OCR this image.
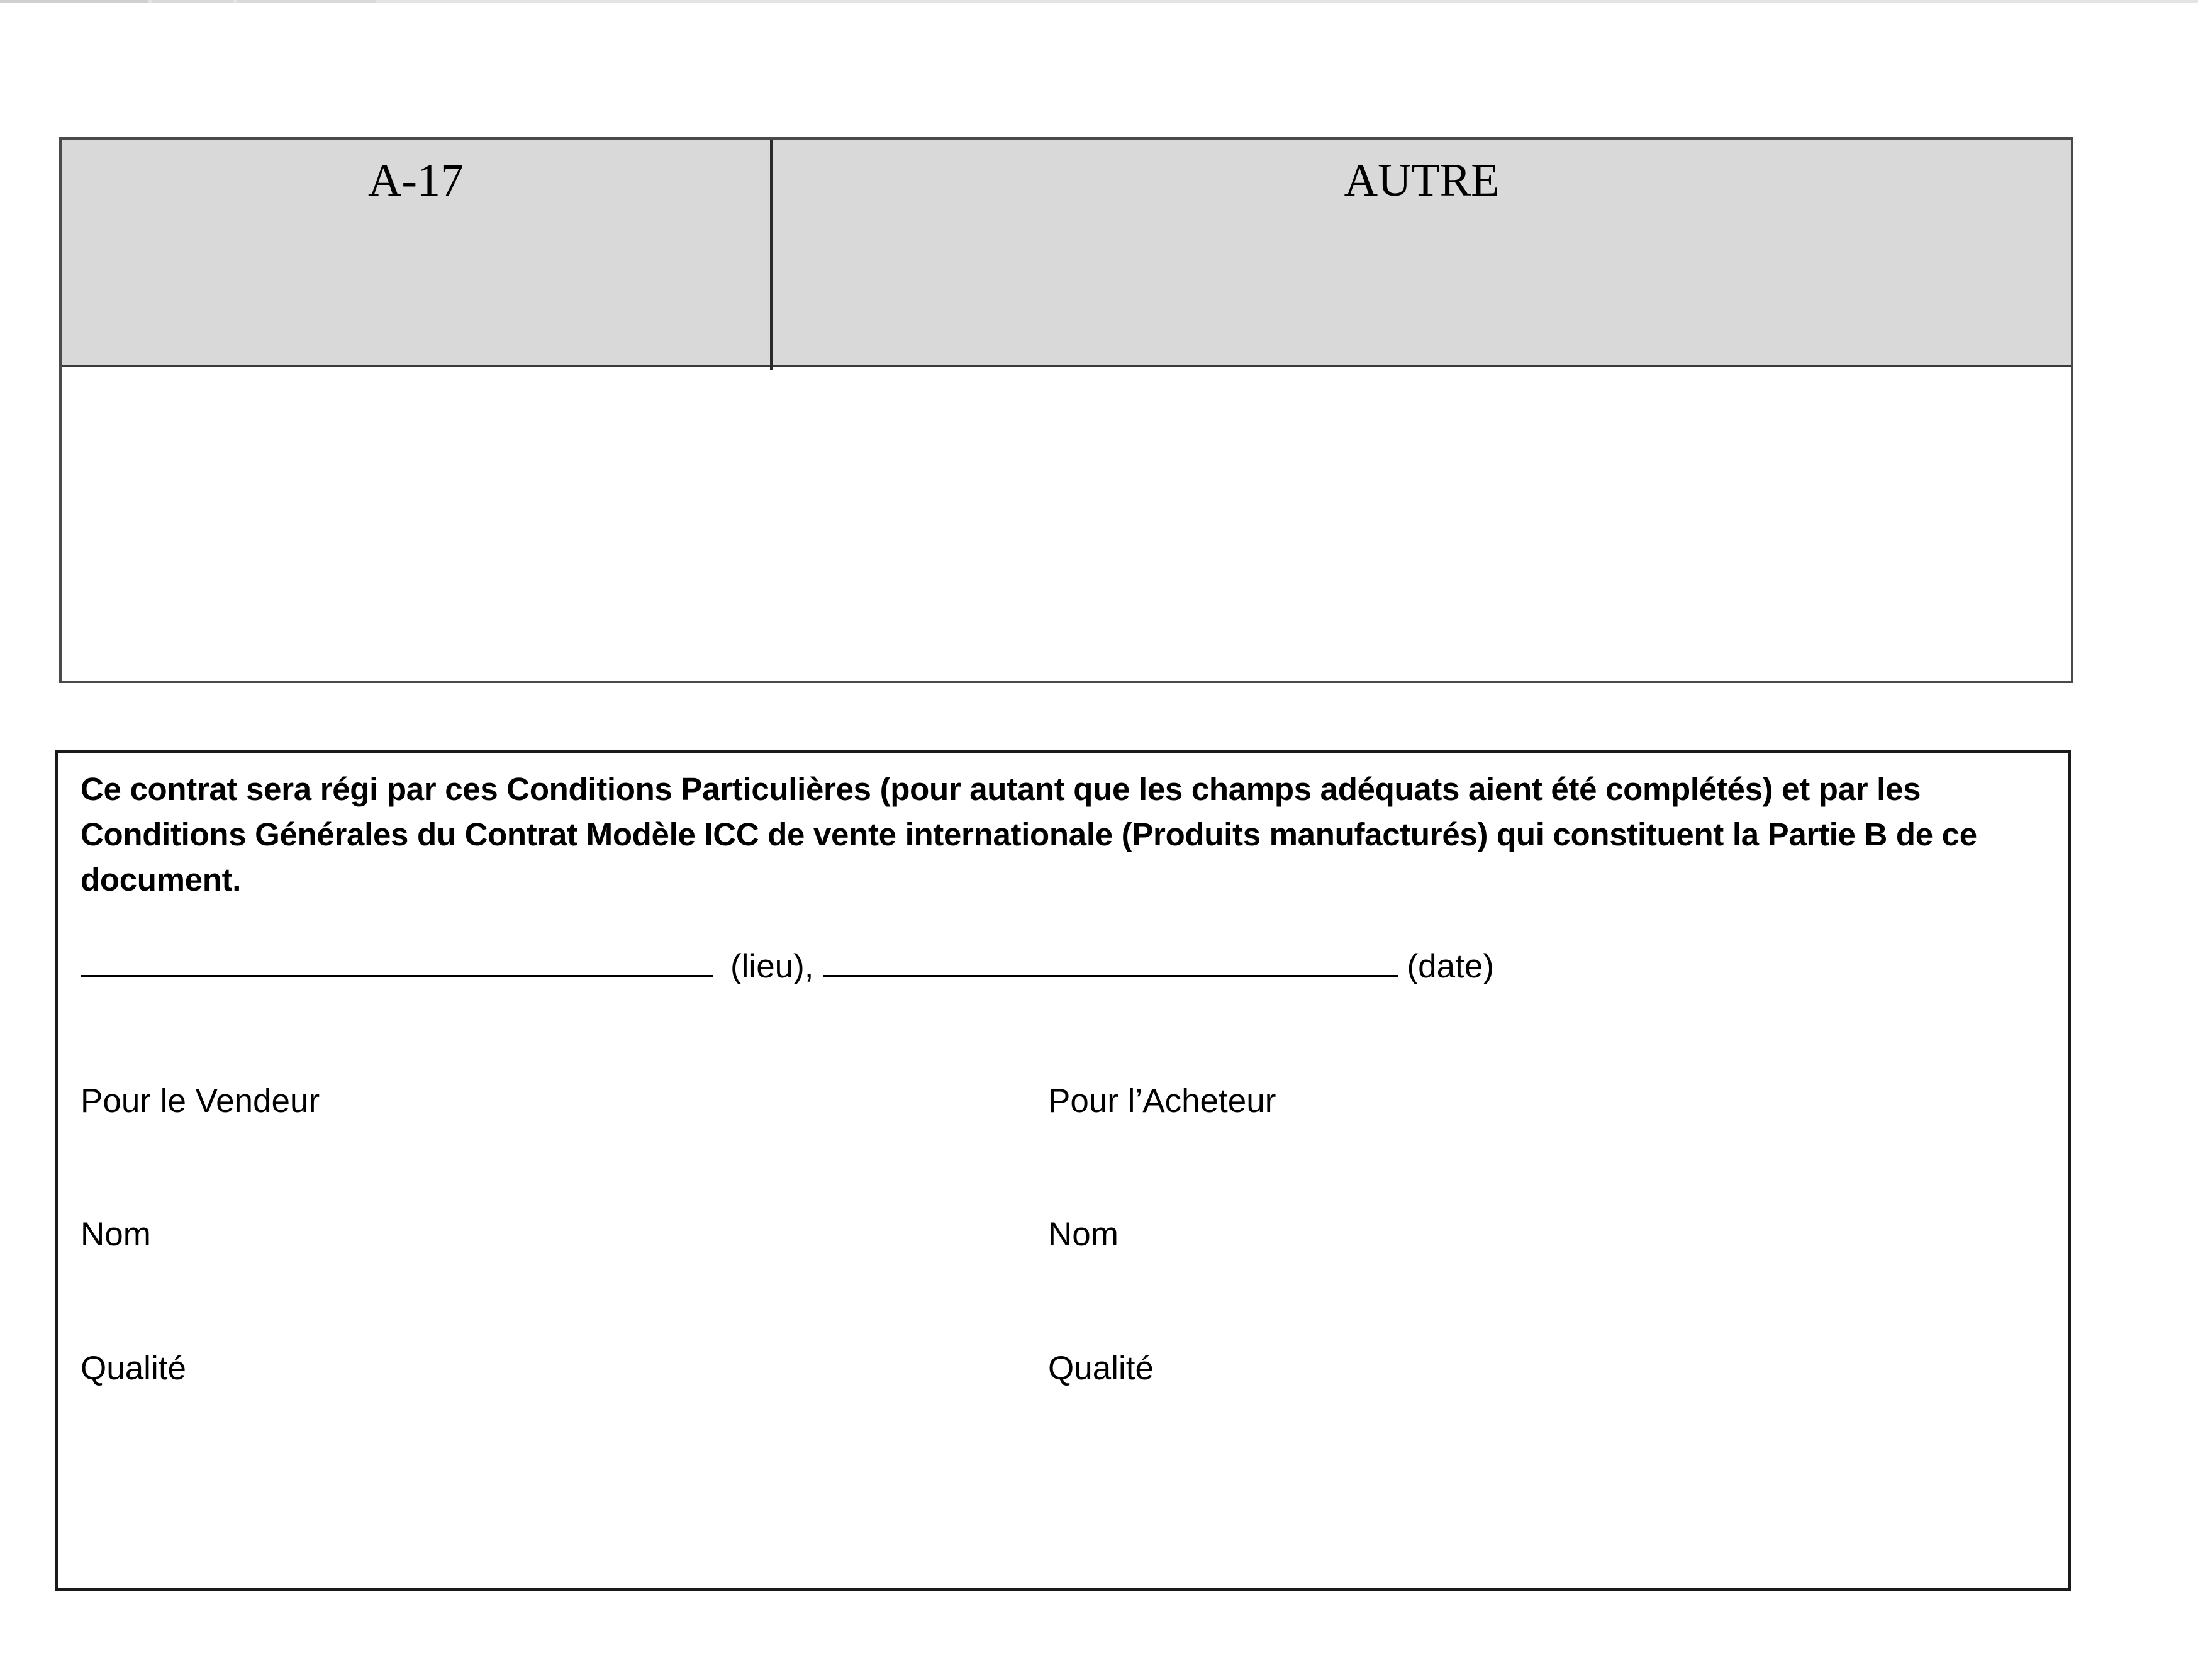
A-17	AUTRE
Ce contrat sera régi par ces Conditions Particulières (pour autant que les champs adéquats aient été complétés) et par les Conditions Générales du Contrat Modèle ICC de vente internationale (Produits manufacturés) qui constituent la Partie B de ce document.
(lieu),	(date)
Pour le Vendeur	Pour l’Acheteur
Nom	Nom
Qualité	Qualité
